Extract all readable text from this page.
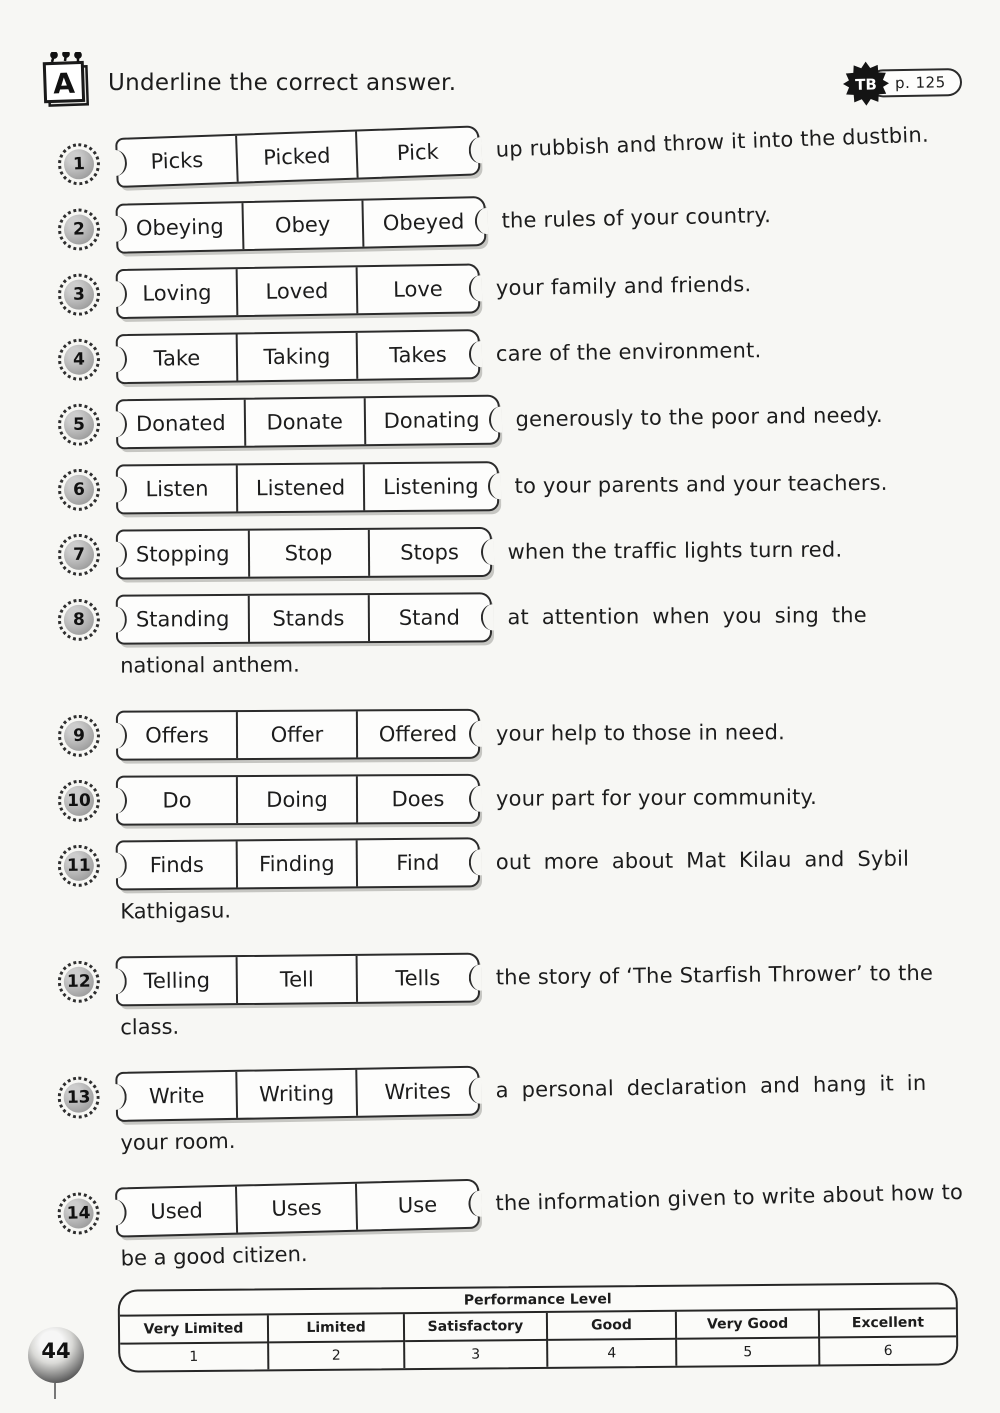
A Underline the correct answer.	TB	p. 125
1	Picks	Picked	Pick	up rubbish and throw it into the dustbin.
2	Obeying	Obey	Obeyed	the rules of your country.
3	Loving	Loved	Love	your family and friends.
4	Take	Taking	Takes	care of the environment.
5	Donated	Donate	Donating	generously to the poor and needy.
6	Listen	Listened	Listening	to your parents and your teachers.
7	Stopping	Stop	Stops	when the traffic lights turn red.
8	Standing	Stands	Stand	at attention when you sing the
national anthem.
9	Offers	Offer	Offered	your help to those in need.
10	Do	Doing	Does	your part for your community.
11	Finds	Finding	Find	out more about Mat Kilau and Sybil
Kathigasu.
12	Telling	Tell	Tells	the story of ‘The Starfish Thrower’ to the
class.
13	Write	Writing	Writes	a personal declaration and hang it in
your room.
14	Used	Uses	Use	the information given to write about how to
be a good citizen.
Performance Level
Very Limited	Limited	Satisfactory	Good	Very Good	Excellent
1	2	3	4	5	6
44
